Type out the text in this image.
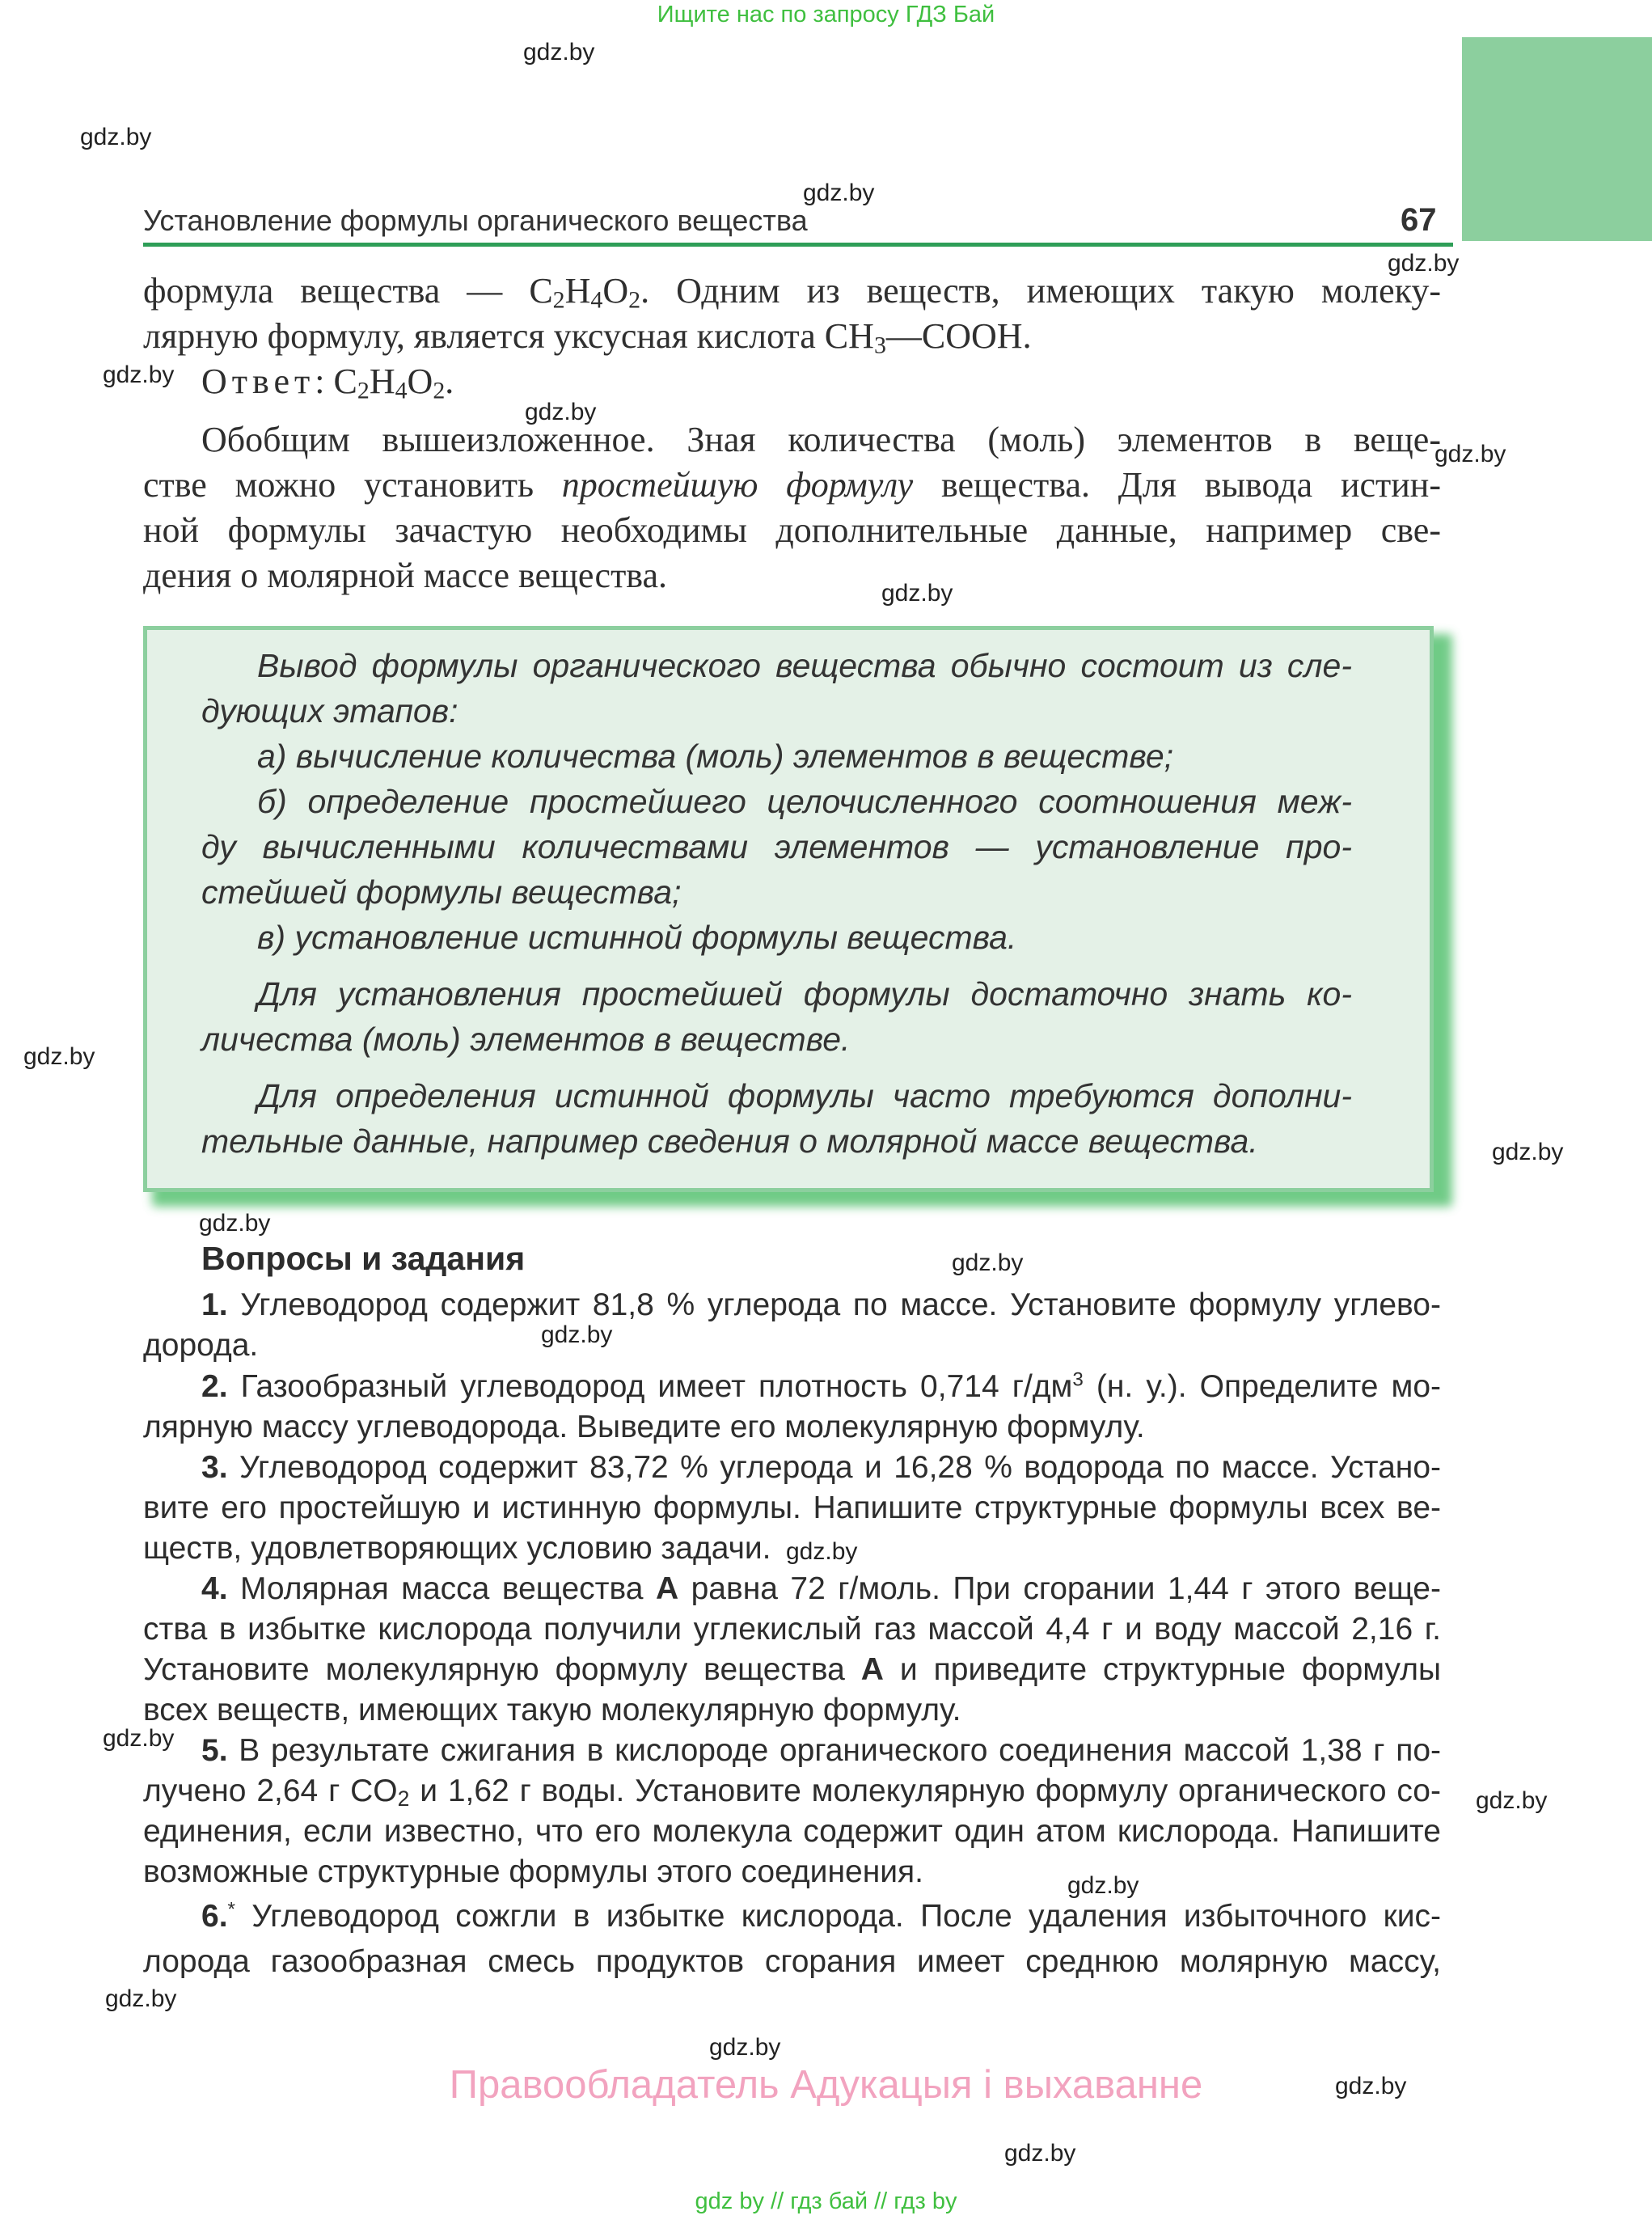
Ищите нас по запросу ГДЗ Бай
Установление формулы органического вещества	67
gdz.by
gdz.by
gdz.by
gdz.by
gdz.by
gdz.by
gdz.by
gdz.by
gdz.by
gdz.by
gdz.by
gdz.by
gdz.by
gdz.by
gdz.by
gdz.by
gdz.by
gdz.by
gdz.by
gdz.by
gdz.by
формула вещества — $C_2H_4O_2$. Одним из веществ, имеющих такую молеку-
лярную формулу, является уксусная кислота $CH_3—COOH$.
Ответ: $C_2H_4O_2$.
Обобщим вышеизложенное. Зная количества (моль) элементов в веще-
стве можно установить простейшую формулу вещества. Для вывода истин-
ной формулы зачастую необходимы дополнительные данные, например све-
дения о молярной массе вещества.
Вывод формулы органического вещества обычно состоит из сле-
дующих этапов:
а) вычисление количества (моль) элементов в веществе;
б) определение простейшего целочисленного соотношения меж-
ду вычисленными количествами элементов — установление про-
стейшей формулы вещества;
в) установление истинной формулы вещества.
Для установления простейшей формулы достаточно знать ко-
личества (моль) элементов в веществе.
Для определения истинной формулы часто требуются дополни-
тельные данные, например сведения о молярной массе вещества.
Вопросы и задания
1. Углеводород содержит 81,8 % углерода по массе. Установите формулу углево-
дорода.
2. Газообразный углеводород имеет плотность 0,714 $г/дм^3$ (н. у.). Определите мо-
лярную массу углеводорода. Выведите его молекулярную формулу.
3. Углеводород содержит 83,72 % углерода и 16,28 % водорода по массе. Устано-
вите его простейшую и истинную формулы. Напишите структурные формулы всех ве-
ществ, удовлетворяющих условию задачи.
4. Молярная масса вещества А равна 72 г/моль. При сгорании 1,44 г этого веще-
ства в избытке кислорода получили углекислый газ массой 4,4 г и воду массой 2,16 г.
Установите молекулярную формулу вещества А и приведите структурные формулы
всех веществ, имеющих такую молекулярную формулу.
5. В результате сжигания в кислороде органического соединения массой 1,38 г по-
лучено 2,64 г $CO_2$ и 1,62 г воды. Установите молекулярную формулу органического со-
единения, если известно, что его молекула содержит один атом кислорода. Напишите
возможные структурные формулы этого соединения.
6.* Углеводород сожгли в избытке кислорода. После удаления избыточного кис-
лорода газообразная смесь продуктов сгорания имеет среднюю молярную массу,
Правообладатель Адукацыя і выхаванне
gdz by // гдз бай // гдз by
